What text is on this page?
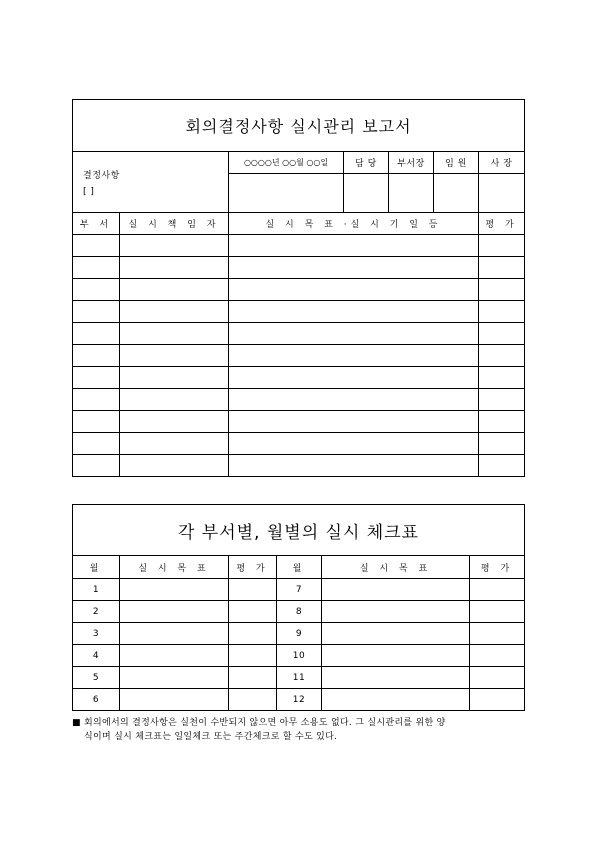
회의결정사항 실시관리 보고서						

결정사항
[ ]		○○○○년 ○○월 ○○일	담 당	부서장	임 원	사 장

부 서	실 시 책 임 자	실 시 목 표 ·실 시 기 일 등				평 가

각 부서별, 월별의 실시 체크표					
월	실 시 목 표	평 가	월	실 시 목 표	평 가
1			7		
2			8		
3			9		
4			10		
5			11		
6			12		
■ 회의에서의 결정사항은 실천이 수반되지 않으면 아무 소용도 없다. 그 실시관리를 위한 양
식이며 실시 체크표는 일일체크 또는 주간체크로 할 수도 있다.
